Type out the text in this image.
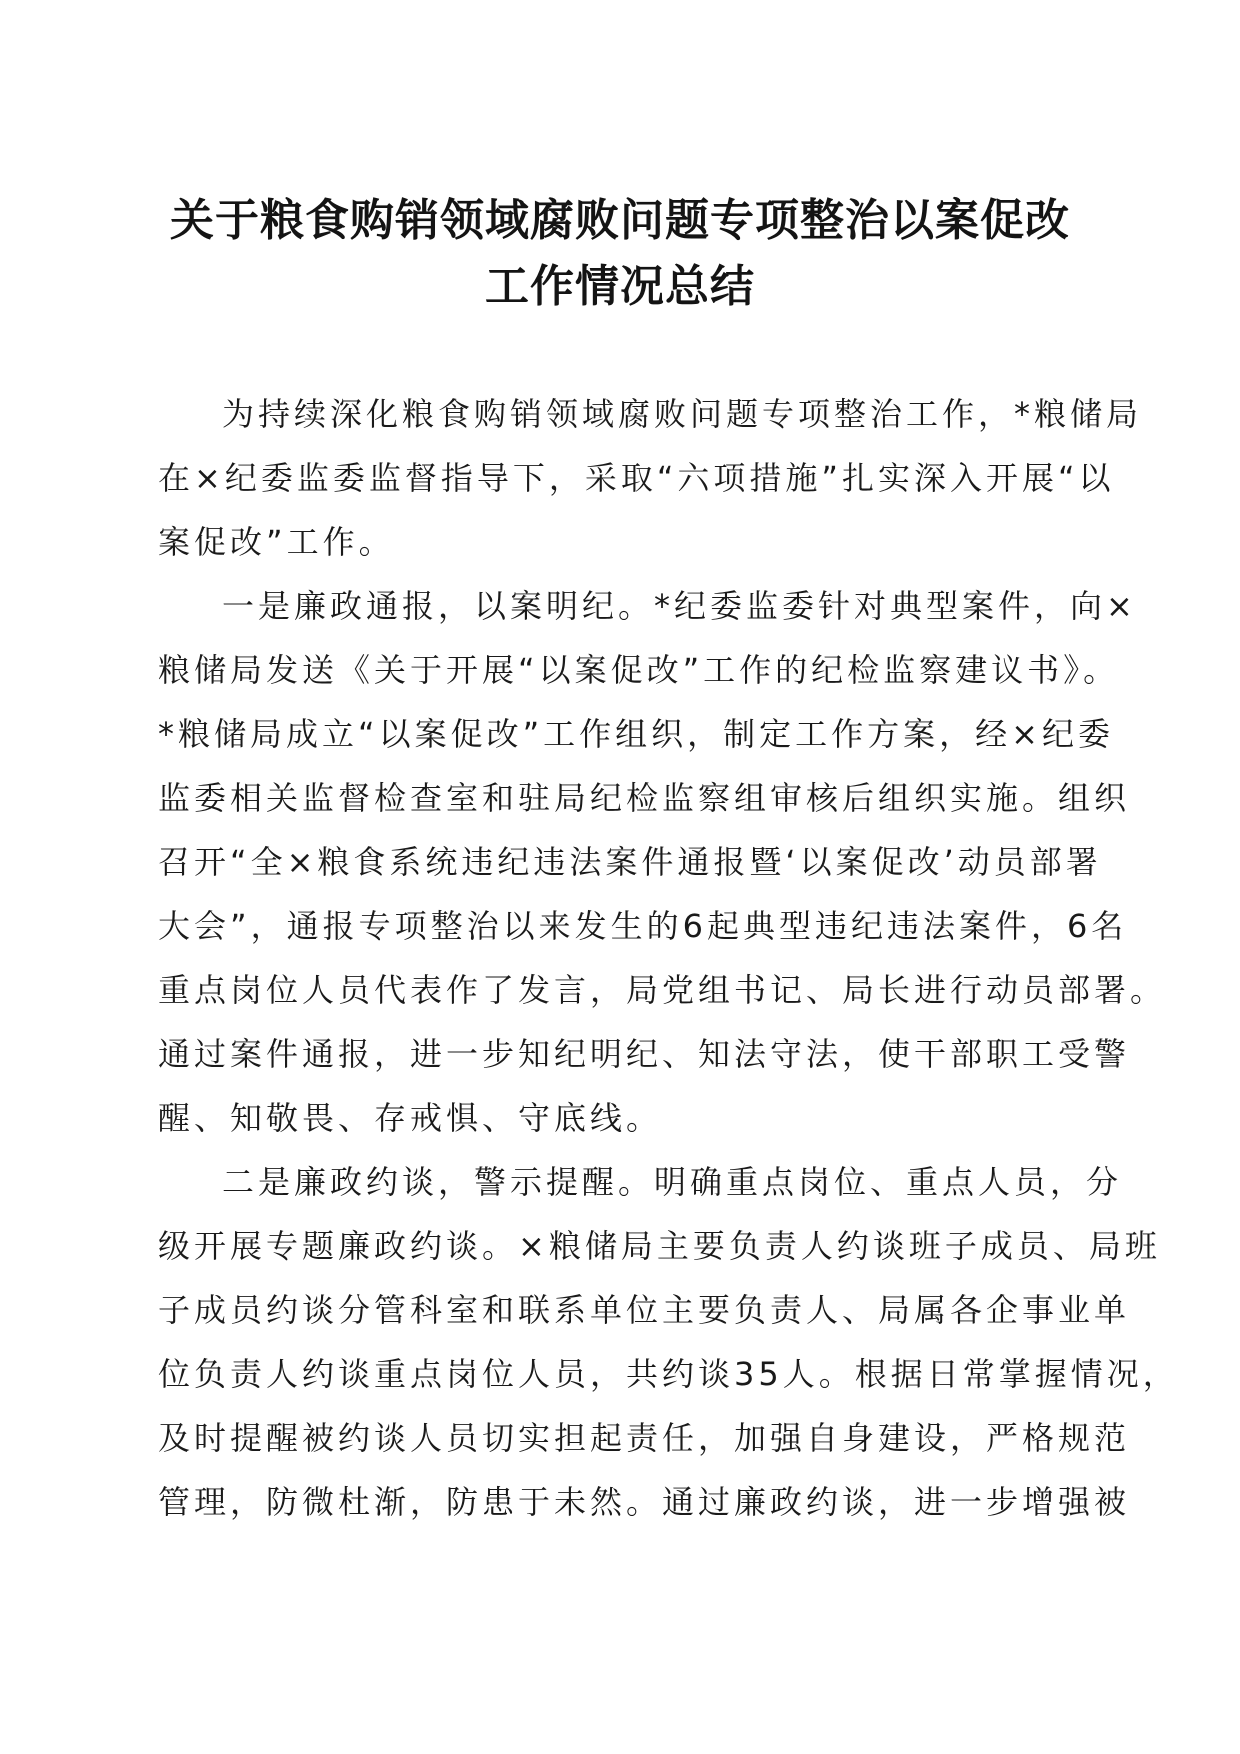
关于粮食购销领域腐败问题专项整治以案促改
工作情况总结
为持续深化粮食购销领域腐败问题专项整治工作，*粮储局
在×纪委监委监督指导下，采取“六项措施”扎实深入开展“以
案促改”工作。
一是廉政通报，以案明纪。*纪委监委针对典型案件，向×
粮储局发送《关于开展“以案促改”工作的纪检监察建议书》。
*粮储局成立“以案促改”工作组织，制定工作方案，经×纪委
监委相关监督检查室和驻局纪检监察组审核后组织实施。组织
召开“全×粮食系统违纪违法案件通报暨‘以案促改’动员部署
大会”，通报专项整治以来发生的6起典型违纪违法案件，6名
重点岗位人员代表作了发言，局党组书记、局长进行动员部署。
通过案件通报，进一步知纪明纪、知法守法，使干部职工受警
醒、知敬畏、存戒惧、守底线。
二是廉政约谈，警示提醒。明确重点岗位、重点人员，分
级开展专题廉政约谈。×粮储局主要负责人约谈班子成员、局班
子成员约谈分管科室和联系单位主要负责人、局属各企事业单
位负责人约谈重点岗位人员，共约谈35人。根据日常掌握情况，
及时提醒被约谈人员切实担起责任，加强自身建设，严格规范
管理，防微杜渐，防患于未然。通过廉政约谈，进一步增强被
